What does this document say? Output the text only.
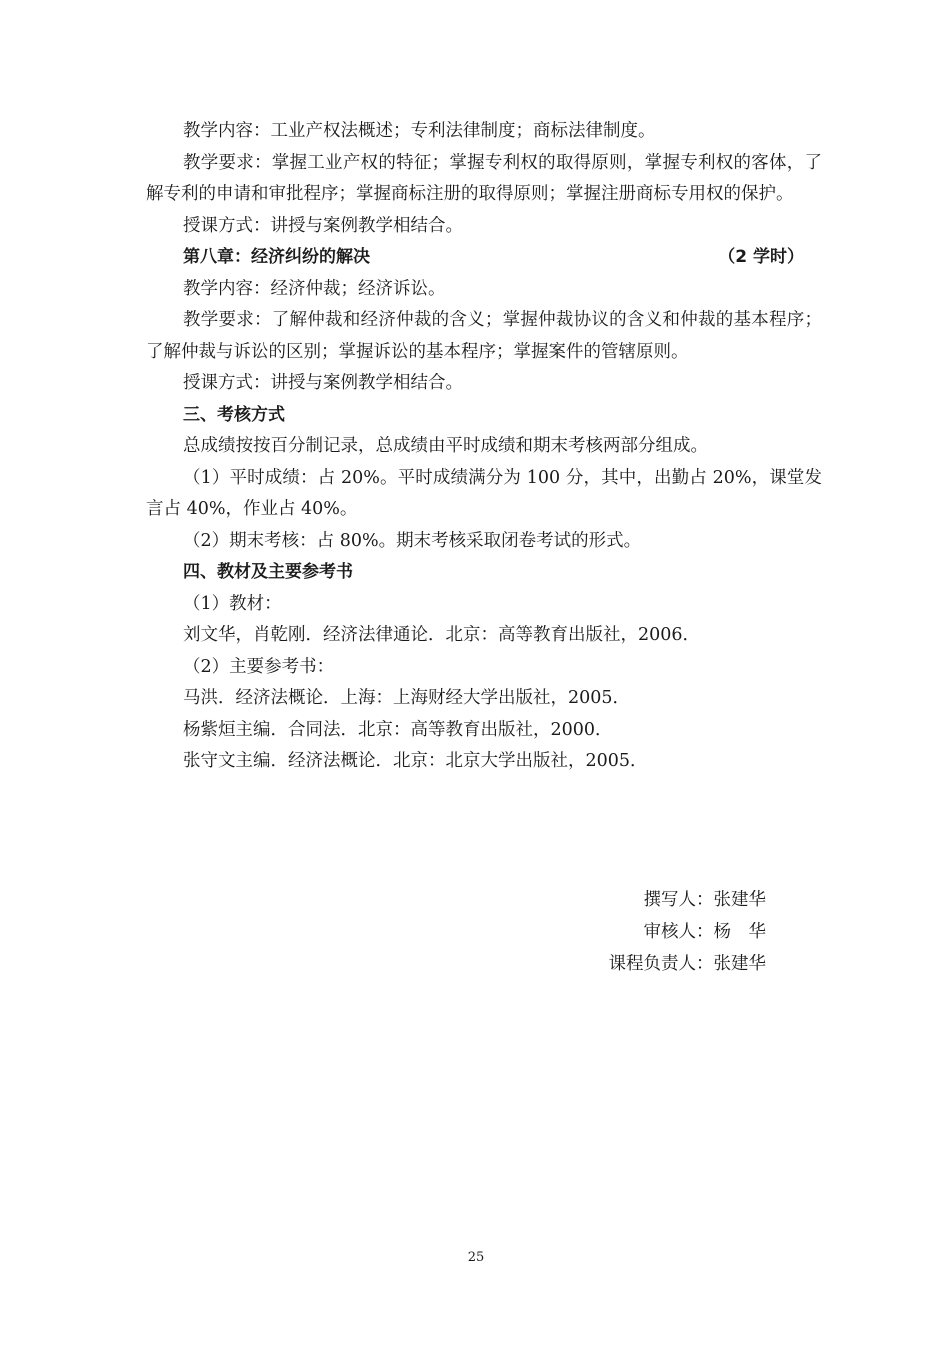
教学内容：工业产权法概述；专利法律制度；商标法律制度。

教学要求：掌握工业产权的特征；掌握专利权的取得原则，掌握专利权的客体，了解专利的申请和审批程序；掌握商标注册的取得原则；掌握注册商标专用权的保护。

授课方式：讲授与案例教学相结合。

第八章：经济纠纷的解决	（2 学时）

教学内容：经济仲裁；经济诉讼。

教学要求：了解仲裁和经济仲裁的含义；掌握仲裁协议的含义和仲裁的基本程序；了解仲裁与诉讼的区别；掌握诉讼的基本程序；掌握案件的管辖原则。

授课方式：讲授与案例教学相结合。

三、考核方式

总成绩按按百分制记录，总成绩由平时成绩和期末考核两部分组成。

（1）平时成绩：占 20%。平时成绩满分为 100 分，其中，出勤占 20%，课堂发言占 40%，作业占 40%。

（2）期末考核：占 80%。期末考核采取闭卷考试的形式。

四、教材及主要参考书

（1）教材：

刘文华，肖乾刚．经济法律通论．北京：高等教育出版社，2006．

（2）主要参考书：

马洪．经济法概论．上海：上海财经大学出版社，2005．

杨紫烜主编．合同法．北京：高等教育出版社，2000．

张守文主编．经济法概论．北京：北京大学出版社，2005．

撰写人：张建华
审核人：杨　华
课程负责人：张建华
25
